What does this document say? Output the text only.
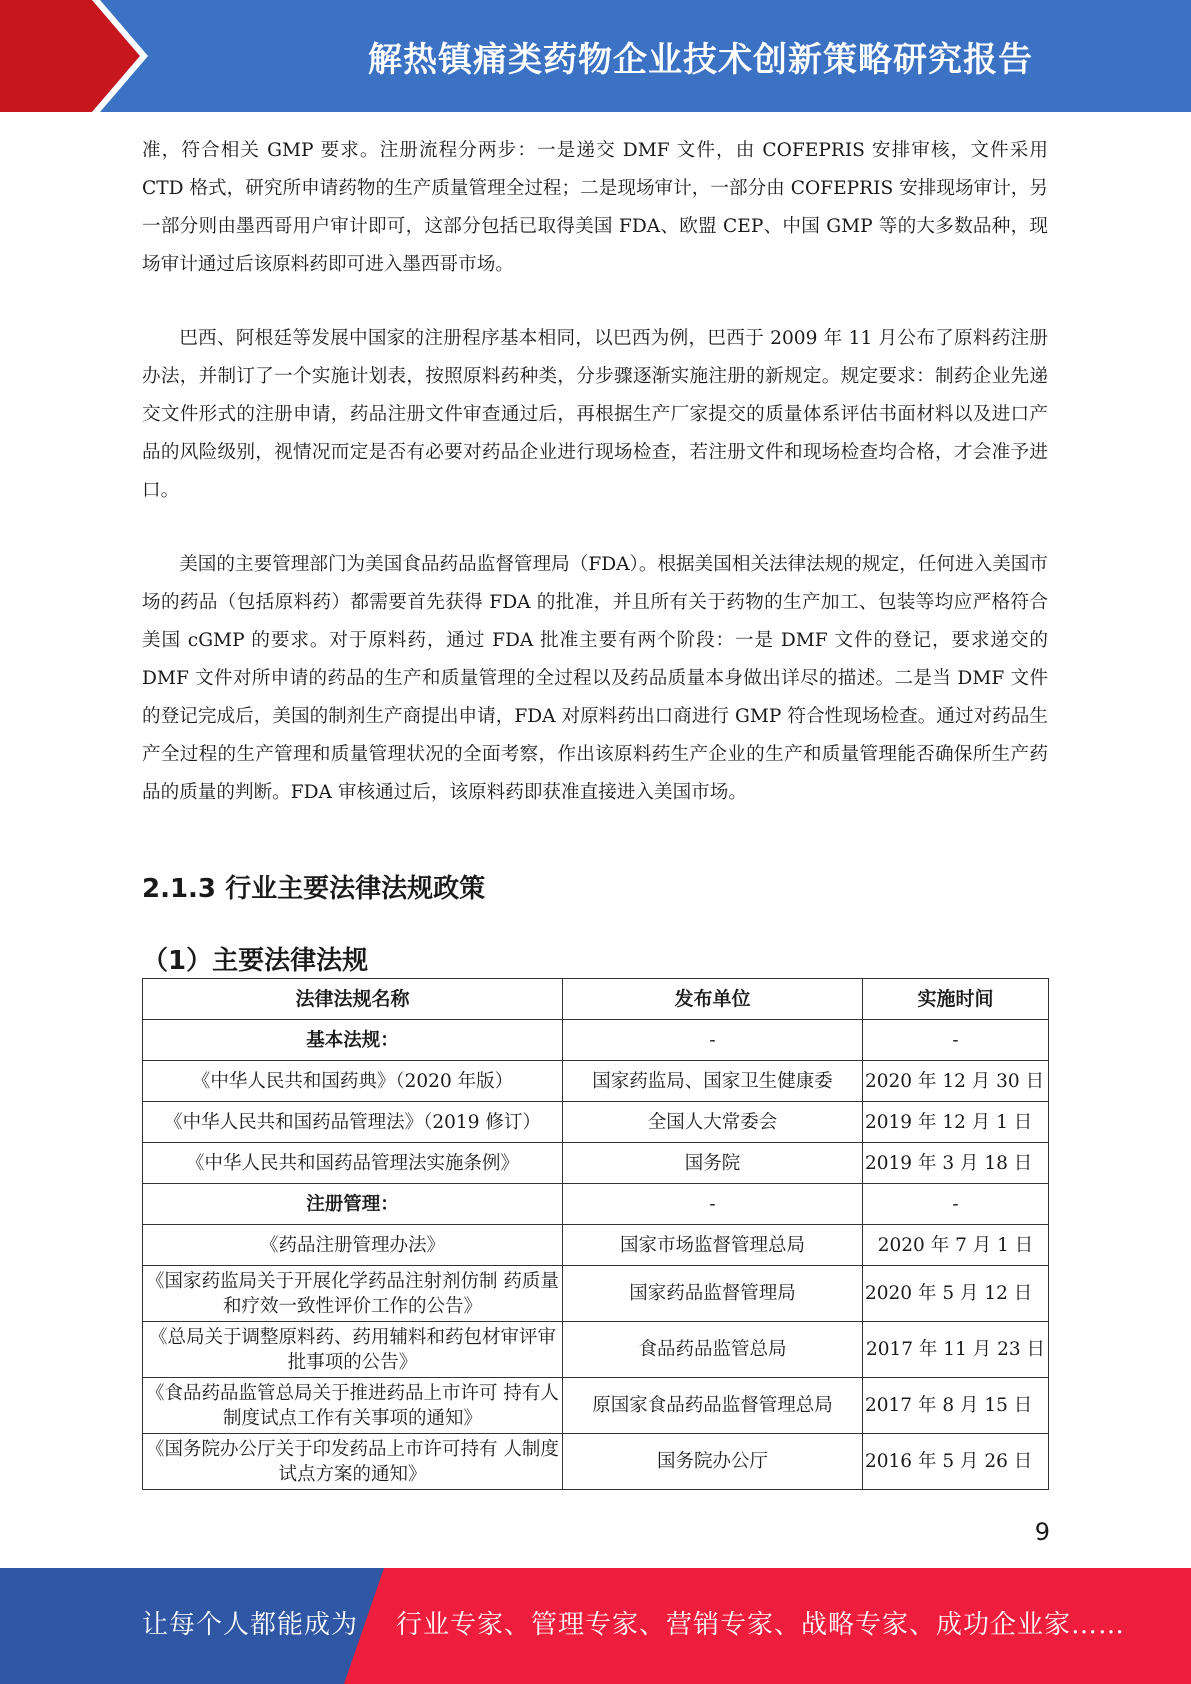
解热镇痛类药物企业技术创新策略研究报告

准，符合相关 GMP 要求。注册流程分两步：一是递交 DMF 文件，由 COFEPRIS 安排审核，文件采用 CTD 格式，研究所申请药物的生产质量管理全过程；二是现场审计，一部分由 COFEPRIS 安排现场审计，另一部分则由墨西哥用户审计即可，这部分包括已取得美国 FDA、欧盟 CEP、中国 GMP 等的大多数品种，现场审计通过后该原料药即可进入墨西哥市场。

巴西、阿根廷等发展中国家的注册程序基本相同，以巴西为例，巴西于 2009 年 11 月公布了原料药注册办法，并制订了一个实施计划表，按照原料药种类，分步骤逐渐实施注册的新规定。规定要求：制药企业先递交文件形式的注册申请，药品注册文件审查通过后，再根据生产厂家提交的质量体系评估书面材料以及进口产品的风险级别，视情况而定是否有必要对药品企业进行现场检查，若注册文件和现场检查均合格，才会准予进口。

美国的主要管理部门为美国食品药品监督管理局（FDA）。根据美国相关法律法规的规定，任何进入美国市场的药品（包括原料药）都需要首先获得 FDA 的批准，并且所有关于药物的生产加工、包装等均应严格符合美国 cGMP 的要求。对于原料药，通过 FDA 批准主要有两个阶段：一是 DMF 文件的登记，要求递交的 DMF 文件对所申请的药品的生产和质量管理的全过程以及药品质量本身做出详尽的描述。二是当 DMF 文件的登记完成后，美国的制剂生产商提出申请，FDA 对原料药出口商进行 GMP 符合性现场检查。通过对药品生产全过程的生产管理和质量管理状况的全面考察，作出该原料药生产企业的生产和质量管理能否确保所生产药品的质量的判断。FDA 审核通过后，该原料药即获准直接进入美国市场。

2.1.3 行业主要法律法规政策
（1）主要法律法规
法律法规名称	发布单位	实施时间
基本法规：	-	-
《中华人民共和国药典》（2020 年版）	国家药监局、国家卫生健康委	2020 年 12 月 30 日
《中华人民共和国药品管理法》（2019 修订）	全国人大常委会	2019 年 12 月 1 日
《中华人民共和国药品管理法实施条例》	国务院	2019 年 3 月 18 日
注册管理：	-	-
《药品注册管理办法》	国家市场监督管理总局	2020 年 7 月 1 日
《国家药监局关于开展化学药品注射剂仿制 药质量和疗效一致性评价工作的公告》	国家药品监督管理局	2020 年 5 月 12 日
《总局关于调整原料药、药用辅料和药包材审评审批事项的公告》	食品药品监管总局	2017 年 11 月 23 日
《食品药品监管总局关于推进药品上市许可 持有人制度试点工作有关事项的通知》	原国家食品药品监督管理总局	2017 年 8 月 15 日
《国务院办公厅关于印发药品上市许可持有 人制度试点方案的通知》	国务院办公厅	2016 年 5 月 26 日
9
让每个人都能成为 行业专家、管理专家、营销专家、战略专家、成功企业家……
